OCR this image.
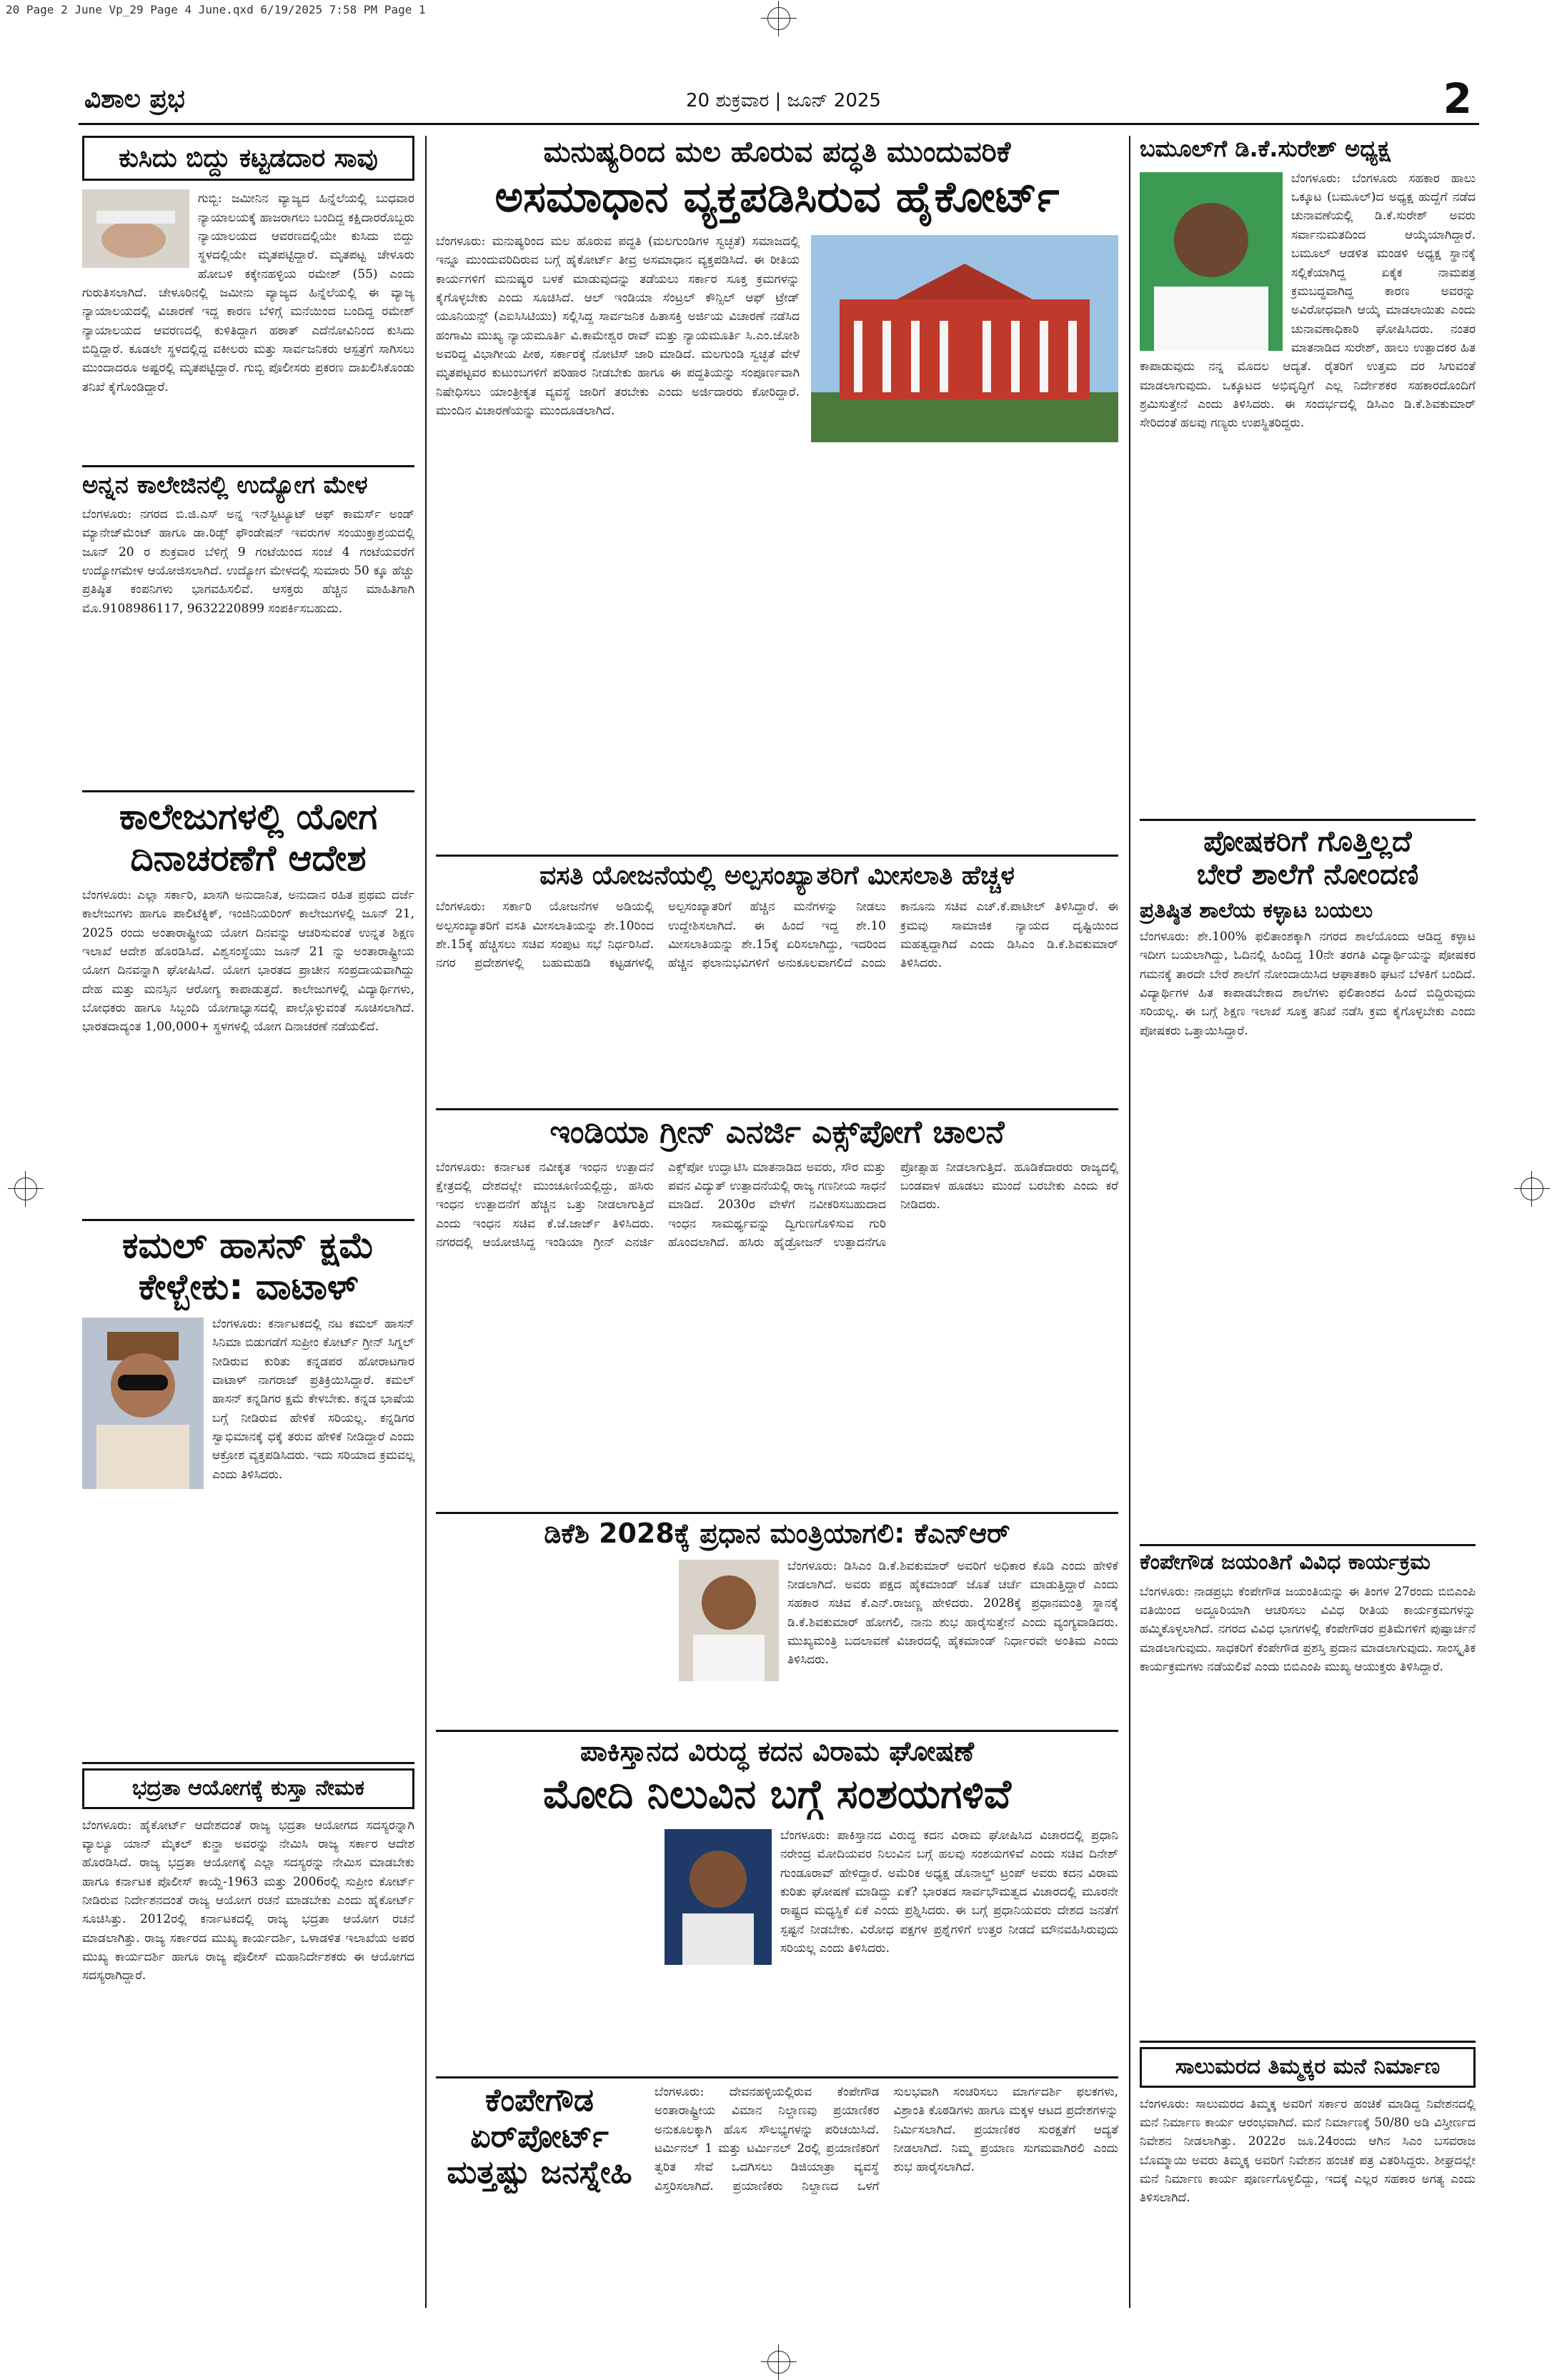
20 Page 2 June Vp_29 Page 4 June.qxd 6/19/2025 7:58 PM Page 1
ವಿಶಾಲ ಪ್ರಭ	20 ಶುಕ್ರವಾರ | ಜೂನ್ 2025	2
ಕುಸಿದು ಬಿದ್ದು ಕಟ್ಟಡದಾರ ಸಾವು

ಗುಬ್ಬಿ: ಜಮೀನಿನ ವ್ಯಾಜ್ಯದ ಹಿನ್ನೆಲೆಯಲ್ಲಿ ಬುಧವಾರ ನ್ಯಾಯಾಲಯಕ್ಕೆ ಹಾಜರಾಗಲು ಬಂದಿದ್ದ ಕಕ್ಷಿದಾರರೊಬ್ಬರು ನ್ಯಾಯಾಲಯದ ಆವರಣದಲ್ಲಿಯೇ ಕುಸಿದು ಬಿದ್ದು ಸ್ಥಳದಲ್ಲಿಯೇ ಮೃತಪಟ್ಟಿದ್ದಾರೆ. ಮೃತಪಟ್ಟ ಚೇಳೂರು ಹೋಬಳಿ ಕಕ್ಕೇನಹಳ್ಳಿಯ ರಮೇಶ್ (55) ಎಂದು ಗುರುತಿಸಲಾಗಿದೆ. ಚೇಳೂರಿನಲ್ಲಿ ಜಮೀನು ವ್ಯಾಜ್ಯದ ಹಿನ್ನೆಲೆಯಲ್ಲಿ ಈ ವ್ಯಾಜ್ಯ ನ್ಯಾಯಾಲಯದಲ್ಲಿ ವಿಚಾರಣೆ ಇದ್ದ ಕಾರಣ ಬೆಳಿಗ್ಗೆ ಮನೆಯಿಂದ ಬಂದಿದ್ದ ರಮೇಶ್ ನ್ಯಾಯಾಲಯದ ಆವರಣದಲ್ಲಿ ಕುಳಿತಿದ್ದಾಗ ಹಠಾತ್ ಎದೆನೋವಿನಿಂದ ಕುಸಿದು ಬಿದ್ದಿದ್ದಾರೆ. ಕೂಡಲೇ ಸ್ಥಳದಲ್ಲಿದ್ದ ವಕೀಲರು ಮತ್ತು ಸಾರ್ವಜನಿಕರು ಆಸ್ಪತ್ರೆಗೆ ಸಾಗಿಸಲು ಮುಂದಾದರೂ ಅಷ್ಟರಲ್ಲಿ ಮೃತಪಟ್ಟಿದ್ದಾರೆ. ಗುಬ್ಬಿ ಪೊಲೀಸರು ಪ್ರಕರಣ ದಾಖಲಿಸಿಕೊಂಡು ತನಿಖೆ ಕೈಗೊಂಡಿದ್ದಾರೆ.

ಅನ್ನನ ಕಾಲೇಜಿನಲ್ಲಿ ಉದ್ಯೋಗ ಮೇಳ

ಬೆಂಗಳೂರು: ನಗರದ ಬಿ.ಜಿ.ಎಸ್ ಅನ್ನ ಇನ್‌ಸ್ಟಿಟ್ಯೂಟ್ ಆಫ್ ಕಾಮರ್ಸ್ ಅಂಡ್ ಮ್ಯಾನೇಜ್‌ಮೆಂಟ್ ಹಾಗೂ ಡಾ.ರಿಡ್ಸ್ ಫೌಂಡೇಷನ್ ಇವರುಗಳ ಸಂಯುಕ್ತಾಶ್ರಯದಲ್ಲಿ ಜೂನ್ 20 ರ ಶುಕ್ರವಾರ ಬೆಳಿಗ್ಗೆ 9 ಗಂಟೆಯಿಂದ ಸಂಜೆ 4 ಗಂಟೆಯವರೆಗೆ ಉದ್ಯೋಗಮೇಳ ಆಯೋಜಿಸಲಾಗಿದೆ. ಉದ್ಯೋಗ ಮೇಳದಲ್ಲಿ ಸುಮಾರು 50 ಕ್ಕೂ ಹೆಚ್ಚು ಪ್ರತಿಷ್ಠಿತ ಕಂಪನಿಗಳು ಭಾಗವಹಿಸಲಿವೆ. ಆಸಕ್ತರು ಹೆಚ್ಚಿನ ಮಾಹಿತಿಗಾಗಿ ಮೊ.9108986117, 9632220899 ಸಂಪರ್ಕಿಸಬಹುದು.

ಕಾಲೇಜುಗಳಲ್ಲಿ ಯೋಗ
ದಿನಾಚರಣೆಗೆ ಆದೇಶ

ಬೆಂಗಳೂರು: ಎಲ್ಲಾ ಸರ್ಕಾರಿ, ಖಾಸಗಿ ಅನುದಾನಿತ, ಅನುದಾನ ರಹಿತ ಪ್ರಥಮ ದರ್ಜೆ ಕಾಲೇಜುಗಳು ಹಾಗೂ ಪಾಲಿಟೆಕ್ನಿಕ್, ಇಂಜಿನಿಯರಿಂಗ್ ಕಾಲೇಜುಗಳಲ್ಲಿ ಜೂನ್ 21, 2025 ರಂದು ಅಂತಾರಾಷ್ಟ್ರೀಯ ಯೋಗ ದಿನವನ್ನು ಆಚರಿಸುವಂತೆ ಉನ್ನತ ಶಿಕ್ಷಣ ಇಲಾಖೆ ಆದೇಶ ಹೊರಡಿಸಿದೆ. ವಿಶ್ವಸಂಸ್ಥೆಯು ಜೂನ್ 21 ನ್ನು ಅಂತಾರಾಷ್ಟ್ರೀಯ ಯೋಗ ದಿನವನ್ನಾಗಿ ಘೋಷಿಸಿದೆ. ಯೋಗ ಭಾರತದ ಪ್ರಾಚೀನ ಸಂಪ್ರದಾಯವಾಗಿದ್ದು ದೇಹ ಮತ್ತು ಮನಸ್ಸಿನ ಆರೋಗ್ಯ ಕಾಪಾಡುತ್ತದೆ. ಕಾಲೇಜುಗಳಲ್ಲಿ ವಿದ್ಯಾರ್ಥಿಗಳು, ಬೋಧಕರು ಹಾಗೂ ಸಿಬ್ಬಂದಿ ಯೋಗಾಭ್ಯಾಸದಲ್ಲಿ ಪಾಲ್ಗೊಳ್ಳುವಂತೆ ಸೂಚಿಸಲಾಗಿದೆ. ಭಾರತದಾದ್ಯಂತ 1,00,000+ ಸ್ಥಳಗಳಲ್ಲಿ ಯೋಗ ದಿನಾಚರಣೆ ನಡೆಯಲಿದೆ.

ಕಮಲ್ ಹಾಸನ್ ಕ್ಷಮೆ
ಕೇಳ್ಬೇಕು: ವಾಟಾಳ್

ಬೆಂಗಳೂರು: ಕರ್ನಾಟಕದಲ್ಲಿ ನಟ ಕಮಲ್ ಹಾಸನ್ ಸಿನಿಮಾ ಬಿಡುಗಡೆಗೆ ಸುಪ್ರೀಂ ಕೋರ್ಟ್ ಗ್ರೀನ್ ಸಿಗ್ನಲ್ ನೀಡಿರುವ ಕುರಿತು ಕನ್ನಡಪರ ಹೋರಾಟಗಾರ ವಾಟಾಳ್ ನಾಗರಾಜ್ ಪ್ರತಿಕ್ರಿಯಿಸಿದ್ದಾರೆ. ಕಮಲ್ ಹಾಸನ್ ಕನ್ನಡಿಗರ ಕ್ಷಮೆ ಕೇಳಬೇಕು. ಕನ್ನಡ ಭಾಷೆಯ ಬಗ್ಗೆ ನೀಡಿರುವ ಹೇಳಿಕೆ ಸರಿಯಲ್ಲ. ಕನ್ನಡಿಗರ ಸ್ವಾಭಿಮಾನಕ್ಕೆ ಧಕ್ಕೆ ತರುವ ಹೇಳಿಕೆ ನೀಡಿದ್ದಾರೆ ಎಂದು ಆಕ್ರೋಶ ವ್ಯಕ್ತಪಡಿಸಿದರು. ಇದು ಸರಿಯಾದ ಕ್ರಮವಲ್ಲ ಎಂದು ತಿಳಿಸಿದರು.

ಭದ್ರತಾ ಆಯೋಗಕ್ಕೆ ಕುಸ್ತಾ ನೇಮಕ

ಬೆಂಗಳೂರು: ಹೈಕೋರ್ಟ್ ಆದೇಶದಂತೆ ರಾಜ್ಯ ಭದ್ರತಾ ಆಯೋಗದ ಸದಸ್ಯರನ್ನಾಗಿ ವ್ಯಾಲ್ಯೂ ಯಾನ್ ಮೈಕಲ್ ಕುನ್ಹಾ ಅವರನ್ನು ನೇಮಿಸಿ ರಾಜ್ಯ ಸರ್ಕಾರ ಆದೇಶ ಹೊರಡಿಸಿದೆ. ರಾಜ್ಯ ಭದ್ರತಾ ಆಯೋಗಕ್ಕೆ ಎಲ್ಲಾ ಸದಸ್ಯರನ್ನು ನೇಮಿಸ ಮಾಡಬೇಕು ಹಾಗೂ ಕರ್ನಾಟಕ ಪೊಲೀಸ್ ಕಾಯ್ದೆ-1963 ಮತ್ತು 2006ರಲ್ಲಿ ಸುಪ್ರೀಂ ಕೋರ್ಟ್ ನೀಡಿರುವ ನಿರ್ದೇಶನದಂತೆ ರಾಜ್ಯ ಆಯೋಗ ರಚನೆ ಮಾಡಬೇಕು ಎಂದು ಹೈಕೋರ್ಟ್ ಸೂಚಿಸಿತ್ತು. 2012ರಲ್ಲಿ ಕರ್ನಾಟಕದಲ್ಲಿ ರಾಜ್ಯ ಭದ್ರತಾ ಆಯೋಗ ರಚನೆ ಮಾಡಲಾಗಿತ್ತು. ರಾಜ್ಯ ಸರ್ಕಾರದ ಮುಖ್ಯ ಕಾರ್ಯದರ್ಶಿ, ಒಳಾಡಳಿತ ಇಲಾಖೆಯ ಅಪರ ಮುಖ್ಯ ಕಾರ್ಯದರ್ಶಿ ಹಾಗೂ ರಾಜ್ಯ ಪೊಲೀಸ್ ಮಹಾನಿರ್ದೇಶಕರು ಈ ಆಯೋಗದ ಸದಸ್ಯರಾಗಿದ್ದಾರೆ.

ಮನುಷ್ಯರಿಂದ ಮಲ ಹೊರುವ ಪದ್ಧತಿ ಮುಂದುವರಿಕೆ
ಅಸಮಾಧಾನ ವ್ಯಕ್ತಪಡಿಸಿರುವ ಹೈಕೋರ್ಟ್

ಬೆಂಗಳೂರು: ಮನುಷ್ಯರಿಂದ ಮಲ ಹೊರುವ ಪದ್ಧತಿ (ಮಲಗುಂಡಿಗಳ ಸ್ವಚ್ಛತೆ) ಸಮಾಜದಲ್ಲಿ ಇನ್ನೂ ಮುಂದುವರಿದಿರುವ ಬಗ್ಗೆ ಹೈಕೋರ್ಟ್ ತೀವ್ರ ಅಸಮಾಧಾನ ವ್ಯಕ್ತಪಡಿಸಿದೆ. ಈ ರೀತಿಯ ಕಾರ್ಯಗಳಿಗೆ ಮನುಷ್ಯರ ಬಳಕೆ ಮಾಡುವುದನ್ನು ತಡೆಯಲು ಸರ್ಕಾರ ಸೂಕ್ತ ಕ್ರಮಗಳನ್ನು ಕೈಗೊಳ್ಳಬೇಕು ಎಂದು ಸೂಚಿಸಿದೆ. ಆಲ್ ಇಂಡಿಯಾ ಸೆಂಟ್ರಲ್ ಕೌನ್ಸಿಲ್ ಆಫ್ ಟ್ರೇಡ್ ಯೂನಿಯನ್ಸ್ (ಎಐಸಿಸಿಟಿಯು) ಸಲ್ಲಿಸಿದ್ದ ಸಾರ್ವಜನಿಕ ಹಿತಾಸಕ್ತಿ ಅರ್ಜಿಯ ವಿಚಾರಣೆ ನಡೆಸಿದ ಹಂಗಾಮಿ ಮುಖ್ಯ ನ್ಯಾಯಮೂರ್ತಿ ವಿ.ಕಾಮೇಶ್ವರ ರಾವ್ ಮತ್ತು ನ್ಯಾಯಮೂರ್ತಿ ಸಿ.ಎಂ.ಜೋಶಿ ಅವರಿದ್ದ ವಿಭಾಗೀಯ ಪೀಠ, ಸರ್ಕಾರಕ್ಕೆ ನೋಟಿಸ್ ಜಾರಿ ಮಾಡಿದೆ. ಮಲಗುಂಡಿ ಸ್ವಚ್ಛತೆ ವೇಳೆ ಮೃತಪಟ್ಟವರ ಕುಟುಂಬಗಳಿಗೆ ಪರಿಹಾರ ನೀಡಬೇಕು ಹಾಗೂ ಈ ಪದ್ಧತಿಯನ್ನು ಸಂಪೂರ್ಣವಾಗಿ ನಿಷೇಧಿಸಲು ಯಾಂತ್ರೀಕೃತ ವ್ಯವಸ್ಥೆ ಜಾರಿಗೆ ತರಬೇಕು ಎಂದು ಅರ್ಜಿದಾರರು ಕೋರಿದ್ದಾರೆ. ಮುಂದಿನ ವಿಚಾರಣೆಯನ್ನು ಮುಂದೂಡಲಾಗಿದೆ.

ವಸತಿ ಯೋಜನೆಯಲ್ಲಿ ಅಲ್ಪಸಂಖ್ಯಾತರಿಗೆ ಮೀಸಲಾತಿ ಹೆಚ್ಚಳ

ಬೆಂಗಳೂರು: ಸರ್ಕಾರಿ ಯೋಜನೆಗಳ ಅಡಿಯಲ್ಲಿ ಅಲ್ಪಸಂಖ್ಯಾತರಿಗೆ ವಸತಿ ಮೀಸಲಾತಿಯನ್ನು ಶೇ.10ರಿಂದ ಶೇ.15ಕ್ಕೆ ಹೆಚ್ಚಿಸಲು ಸಚಿವ ಸಂಪುಟ ಸಭೆ ನಿರ್ಧರಿಸಿದೆ. ನಗರ ಪ್ರದೇಶಗಳಲ್ಲಿ ಬಹುಮಹಡಿ ಕಟ್ಟಡಗಳಲ್ಲಿ ಅಲ್ಪಸಂಖ್ಯಾತರಿಗೆ ಹೆಚ್ಚಿನ ಮನೆಗಳನ್ನು ನೀಡಲು ಉದ್ದೇಶಿಸಲಾಗಿದೆ. ಈ ಹಿಂದೆ ಇದ್ದ ಶೇ.10 ಮೀಸಲಾತಿಯನ್ನು ಶೇ.15ಕ್ಕೆ ಏರಿಸಲಾಗಿದ್ದು, ಇದರಿಂದ ಹೆಚ್ಚಿನ ಫಲಾನುಭವಿಗಳಿಗೆ ಅನುಕೂಲವಾಗಲಿದೆ ಎಂದು ಕಾನೂನು ಸಚಿವ ಎಚ್.ಕೆ.ಪಾಟೀಲ್ ತಿಳಿಸಿದ್ದಾರೆ. ಈ ಕ್ರಮವು ಸಾಮಾಜಿಕ ನ್ಯಾಯದ ದೃಷ್ಟಿಯಿಂದ ಮಹತ್ವದ್ದಾಗಿದೆ ಎಂದು ಡಿಸಿಎಂ ಡಿ.ಕೆ.ಶಿವಕುಮಾರ್ ತಿಳಿಸಿದರು.

ಇಂಡಿಯಾ ಗ್ರೀನ್ ಎನರ್ಜಿ ಎಕ್ಸ್‌ಪೋಗೆ ಚಾಲನೆ

ಬೆಂಗಳೂರು: ಕರ್ನಾಟಕ ನವೀಕೃತ ಇಂಧನ ಉತ್ಪಾದನೆ ಕ್ಷೇತ್ರದಲ್ಲಿ ದೇಶದಲ್ಲೇ ಮುಂಚೂಣಿಯಲ್ಲಿದ್ದು, ಹಸಿರು ಇಂಧನ ಉತ್ಪಾದನೆಗೆ ಹೆಚ್ಚಿನ ಒತ್ತು ನೀಡಲಾಗುತ್ತಿದೆ ಎಂದು ಇಂಧನ ಸಚಿವ ಕೆ.ಜೆ.ಜಾರ್ಜ್ ತಿಳಿಸಿದರು. ನಗರದಲ್ಲಿ ಆಯೋಜಿಸಿದ್ದ ಇಂಡಿಯಾ ಗ್ರೀನ್ ಎನರ್ಜಿ ಎಕ್ಸ್‌ಪೋ ಉದ್ಘಾಟಿಸಿ ಮಾತನಾಡಿದ ಅವರು, ಸೌರ ಮತ್ತು ಪವನ ವಿದ್ಯುತ್ ಉತ್ಪಾದನೆಯಲ್ಲಿ ರಾಜ್ಯ ಗಣನೀಯ ಸಾಧನೆ ಮಾಡಿದೆ. 2030ರ ವೇಳೆಗೆ ನವೀಕರಿಸಬಹುದಾದ ಇಂಧನ ಸಾಮರ್ಥ್ಯವನ್ನು ದ್ವಿಗುಣಗೊಳಿಸುವ ಗುರಿ ಹೊಂದಲಾಗಿದೆ. ಹಸಿರು ಹೈಡ್ರೋಜನ್ ಉತ್ಪಾದನೆಗೂ ಪ್ರೋತ್ಸಾಹ ನೀಡಲಾಗುತ್ತಿದೆ. ಹೂಡಿಕೆದಾರರು ರಾಜ್ಯದಲ್ಲಿ ಬಂಡವಾಳ ಹೂಡಲು ಮುಂದೆ ಬರಬೇಕು ಎಂದು ಕರೆ ನೀಡಿದರು.

ಡಿಕೆಶಿ 2028ಕ್ಕೆ ಪ್ರಧಾನ ಮಂತ್ರಿಯಾಗಲಿ: ಕೆಎನ್‌ಆರ್

ಬೆಂಗಳೂರು: ಡಿಸಿಎಂ ಡಿ.ಕೆ.ಶಿವಕುಮಾರ್ ಅವರಿಗೆ ಅಧಿಕಾರ ಕೊಡಿ ಎಂದು ಹೇಳಿಕೆ ನೀಡಲಾಗಿದೆ. ಅವರು ಪಕ್ಷದ ಹೈಕಮಾಂಡ್ ಜೊತೆ ಚರ್ಚೆ ಮಾಡುತ್ತಿದ್ದಾರೆ ಎಂದು ಸಹಕಾರ ಸಚಿವ ಕೆ.ಎನ್.ರಾಜಣ್ಣ ಹೇಳಿದರು. 2028ಕ್ಕೆ ಪ್ರಧಾನಮಂತ್ರಿ ಸ್ಥಾನಕ್ಕೆ ಡಿ.ಕೆ.ಶಿವಕುಮಾರ್ ಹೋಗಲಿ, ನಾನು ಶುಭ ಹಾರೈಸುತ್ತೇನೆ ಎಂದು ವ್ಯಂಗ್ಯವಾಡಿದರು. ಮುಖ್ಯಮಂತ್ರಿ ಬದಲಾವಣೆ ವಿಚಾರದಲ್ಲಿ ಹೈಕಮಾಂಡ್ ನಿರ್ಧಾರವೇ ಅಂತಿಮ ಎಂದು ತಿಳಿಸಿದರು.

ಪಾಕಿಸ್ತಾನದ ವಿರುದ್ಧ ಕದನ ವಿರಾಮ ಘೋಷಣೆ
ಮೋದಿ ನಿಲುವಿನ ಬಗ್ಗೆ ಸಂಶಯಗಳಿವೆ

ಬೆಂಗಳೂರು: ಪಾಕಿಸ್ತಾನದ ವಿರುದ್ಧ ಕದನ ವಿರಾಮ ಘೋಷಿಸಿದ ವಿಚಾರದಲ್ಲಿ ಪ್ರಧಾನಿ ನರೇಂದ್ರ ಮೋದಿಯವರ ನಿಲುವಿನ ಬಗ್ಗೆ ಹಲವು ಸಂಶಯಗಳಿವೆ ಎಂದು ಸಚಿವ ದಿನೇಶ್ ಗುಂಡೂರಾವ್ ಹೇಳಿದ್ದಾರೆ. ಅಮೆರಿಕ ಅಧ್ಯಕ್ಷ ಡೊನಾಲ್ಡ್ ಟ್ರಂಪ್ ಅವರು ಕದನ ವಿರಾಮ ಕುರಿತು ಘೋಷಣೆ ಮಾಡಿದ್ದು ಏಕೆ? ಭಾರತದ ಸಾರ್ವಭೌಮತ್ವದ ವಿಚಾರದಲ್ಲಿ ಮೂರನೇ ರಾಷ್ಟ್ರದ ಮಧ್ಯಸ್ಥಿಕೆ ಏಕೆ ಎಂದು ಪ್ರಶ್ನಿಸಿದರು. ಈ ಬಗ್ಗೆ ಪ್ರಧಾನಿಯವರು ದೇಶದ ಜನತೆಗೆ ಸ್ಪಷ್ಟನೆ ನೀಡಬೇಕು. ವಿರೋಧ ಪಕ್ಷಗಳ ಪ್ರಶ್ನೆಗಳಿಗೆ ಉತ್ತರ ನೀಡದೆ ಮೌನವಹಿಸಿರುವುದು ಸರಿಯಲ್ಲ ಎಂದು ತಿಳಿಸಿದರು.

ಕೆಂಪೇಗೌಡ
ಏರ್‌ಪೋರ್ಟ್
ಮತ್ತಷ್ಟು ಜನಸ್ನೇಹಿ

ಬೆಂಗಳೂರು: ದೇವನಹಳ್ಳಿಯಲ್ಲಿರುವ ಕೆಂಪೇಗೌಡ ಅಂತಾರಾಷ್ಟ್ರೀಯ ವಿಮಾನ ನಿಲ್ದಾಣವು ಪ್ರಯಾಣಿಕರ ಅನುಕೂಲಕ್ಕಾಗಿ ಹೊಸ ಸೌಲಭ್ಯಗಳನ್ನು ಪರಿಚಯಿಸಿದೆ. ಟರ್ಮಿನಲ್ 1 ಮತ್ತು ಟರ್ಮಿನಲ್ 2ರಲ್ಲಿ ಪ್ರಯಾಣಿಕರಿಗೆ ತ್ವರಿತ ಸೇವೆ ಒದಗಿಸಲು ಡಿಜಿಯಾತ್ರಾ ವ್ಯವಸ್ಥೆ ವಿಸ್ತರಿಸಲಾಗಿದೆ. ಪ್ರಯಾಣಿಕರು ನಿಲ್ದಾಣದ ಒಳಗೆ ಸುಲಭವಾಗಿ ಸಂಚರಿಸಲು ಮಾರ್ಗದರ್ಶಿ ಫಲಕಗಳು, ವಿಶ್ರಾಂತಿ ಕೊಠಡಿಗಳು ಹಾಗೂ ಮಕ್ಕಳ ಆಟದ ಪ್ರದೇಶಗಳನ್ನು ನಿರ್ಮಿಸಲಾಗಿದೆ. ಪ್ರಯಾಣಿಕರ ಸುರಕ್ಷತೆಗೆ ಆದ್ಯತೆ ನೀಡಲಾಗಿದೆ. ನಿಮ್ಮ ಪ್ರಯಾಣ ಸುಗಮವಾಗಿರಲಿ ಎಂದು ಶುಭ ಹಾರೈಸಲಾಗಿದೆ.

ಬಮೂಲ್‌ಗೆ ಡಿ.ಕೆ.ಸುರೇಶ್ ಅಧ್ಯಕ್ಷ

ಬೆಂಗಳೂರು: ಬೆಂಗಳೂರು ಸಹಕಾರ ಹಾಲು ಒಕ್ಕೂಟ (ಬಮೂಲ್)ದ ಅಧ್ಯಕ್ಷ ಹುದ್ದೆಗೆ ನಡೆದ ಚುನಾವಣೆಯಲ್ಲಿ ಡಿ.ಕೆ.ಸುರೇಶ್ ಅವರು ಸರ್ವಾನುಮತದಿಂದ ಆಯ್ಕೆಯಾಗಿದ್ದಾರೆ. ಬಮೂಲ್ ಆಡಳಿತ ಮಂಡಳಿ ಅಧ್ಯಕ್ಷ ಸ್ಥಾನಕ್ಕೆ ಸಲ್ಲಿಕೆಯಾಗಿದ್ದ ಏಕೈಕ ನಾಮಪತ್ರ ಕ್ರಮಬದ್ಧವಾಗಿದ್ದ ಕಾರಣ ಅವರನ್ನು ಅವಿರೋಧವಾಗಿ ಆಯ್ಕೆ ಮಾಡಲಾಯಿತು ಎಂದು ಚುನಾವಣಾಧಿಕಾರಿ ಘೋಷಿಸಿದರು. ನಂತರ ಮಾತನಾಡಿದ ಸುರೇಶ್, ಹಾಲು ಉತ್ಪಾದಕರ ಹಿತ ಕಾಪಾಡುವುದು ನನ್ನ ಮೊದಲ ಆದ್ಯತೆ. ರೈತರಿಗೆ ಉತ್ತಮ ದರ ಸಿಗುವಂತೆ ಮಾಡಲಾಗುವುದು. ಒಕ್ಕೂಟದ ಅಭಿವೃದ್ಧಿಗೆ ಎಲ್ಲ ನಿರ್ದೇಶಕರ ಸಹಕಾರದೊಂದಿಗೆ ಶ್ರಮಿಸುತ್ತೇನೆ ಎಂದು ತಿಳಿಸಿದರು. ಈ ಸಂದರ್ಭದಲ್ಲಿ ಡಿಸಿಎಂ ಡಿ.ಕೆ.ಶಿವಕುಮಾರ್ ಸೇರಿದಂತೆ ಹಲವು ಗಣ್ಯರು ಉಪಸ್ಥಿತರಿದ್ದರು.

ಪೋಷಕರಿಗೆ ಗೊತ್ತಿಲ್ಲದೆ
ಬೇರೆ ಶಾಲೆಗೆ ನೋಂದಣಿ
ಪ್ರತಿಷ್ಠಿತ ಶಾಲೆಯ ಕಳ್ಳಾಟ ಬಯಲು

ಬೆಂಗಳೂರು: ಶೇ.100% ಫಲಿತಾಂಶಕ್ಕಾಗಿ ನಗರದ ಶಾಲೆಯೊಂದು ಆಡಿದ್ದ ಕಳ್ಳಾಟ ಇದೀಗ ಬಯಲಾಗಿದ್ದು, ಓದಿನಲ್ಲಿ ಹಿಂದಿದ್ದ 10ನೇ ತರಗತಿ ವಿದ್ಯಾರ್ಥಿಯನ್ನು ಪೋಷಕರ ಗಮನಕ್ಕೆ ತಾರದೇ ಬೇರೆ ಶಾಲೆಗೆ ನೋಂದಾಯಿಸಿದ ಆಘಾತಕಾರಿ ಘಟನೆ ಬೆಳಕಿಗೆ ಬಂದಿದೆ. ವಿದ್ಯಾರ್ಥಿಗಳ ಹಿತ ಕಾಪಾಡಬೇಕಾದ ಶಾಲೆಗಳು ಫಲಿತಾಂಶದ ಹಿಂದೆ ಬಿದ್ದಿರುವುದು ಸರಿಯಲ್ಲ. ಈ ಬಗ್ಗೆ ಶಿಕ್ಷಣ ಇಲಾಖೆ ಸೂಕ್ತ ತನಿಖೆ ನಡೆಸಿ ಕ್ರಮ ಕೈಗೊಳ್ಳಬೇಕು ಎಂದು ಪೋಷಕರು ಒತ್ತಾಯಿಸಿದ್ದಾರೆ.

ಕೆಂಪೇಗೌಡ ಜಯಂತಿಗೆ ವಿವಿಧ ಕಾರ್ಯಕ್ರಮ

ಬೆಂಗಳೂರು: ನಾಡಪ್ರಭು ಕೆಂಪೇಗೌಡ ಜಯಂತಿಯನ್ನು ಈ ತಿಂಗಳ 27ರಂದು ಬಿಬಿಎಂಪಿ ವತಿಯಿಂದ ಅದ್ದೂರಿಯಾಗಿ ಆಚರಿಸಲು ವಿವಿಧ ರೀತಿಯ ಕಾರ್ಯಕ್ರಮಗಳನ್ನು ಹಮ್ಮಿಕೊಳ್ಳಲಾಗಿದೆ. ನಗರದ ವಿವಿಧ ಭಾಗಗಳಲ್ಲಿ ಕೆಂಪೇಗೌಡರ ಪ್ರತಿಮೆಗಳಿಗೆ ಪುಷ್ಪಾರ್ಚನೆ ಮಾಡಲಾಗುವುದು. ಸಾಧಕರಿಗೆ ಕೆಂಪೇಗೌಡ ಪ್ರಶಸ್ತಿ ಪ್ರದಾನ ಮಾಡಲಾಗುವುದು. ಸಾಂಸ್ಕೃತಿಕ ಕಾರ್ಯಕ್ರಮಗಳು ನಡೆಯಲಿವೆ ಎಂದು ಬಿಬಿಎಂಪಿ ಮುಖ್ಯ ಆಯುಕ್ತರು ತಿಳಿಸಿದ್ದಾರೆ.

ಸಾಲುಮರದ ತಿಮ್ಮಕ್ಕರ ಮನೆ ನಿರ್ಮಾಣ

ಬೆಂಗಳೂರು: ಸಾಲುಮರದ ತಿಮ್ಮಕ್ಕ ಅವರಿಗೆ ಸರ್ಕಾರ ಹಂಚಿಕೆ ಮಾಡಿದ್ದ ನಿವೇಶನದಲ್ಲಿ ಮನೆ ನಿರ್ಮಾಣ ಕಾರ್ಯ ಆರಂಭವಾಗಿದೆ. ಮನೆ ನಿರ್ಮಾಣಕ್ಕೆ 50/80 ಅಡಿ ವಿಸ್ತೀರ್ಣದ ನಿವೇಶನ ನೀಡಲಾಗಿತ್ತು. 2022ರ ಜೂ.24ರಂದು ಆಗಿನ ಸಿಎಂ ಬಸವರಾಜ ಬೊಮ್ಮಾಯಿ ಅವರು ತಿಮ್ಮಕ್ಕ ಅವರಿಗೆ ನಿವೇಶನ ಹಂಚಿಕೆ ಪತ್ರ ವಿತರಿಸಿದ್ದರು. ಶೀಘ್ರದಲ್ಲೇ ಮನೆ ನಿರ್ಮಾಣ ಕಾರ್ಯ ಪೂರ್ಣಗೊಳ್ಳಲಿದ್ದು, ಇದಕ್ಕೆ ಎಲ್ಲರ ಸಹಕಾರ ಅಗತ್ಯ ಎಂದು ತಿಳಿಸಲಾಗಿದೆ.
